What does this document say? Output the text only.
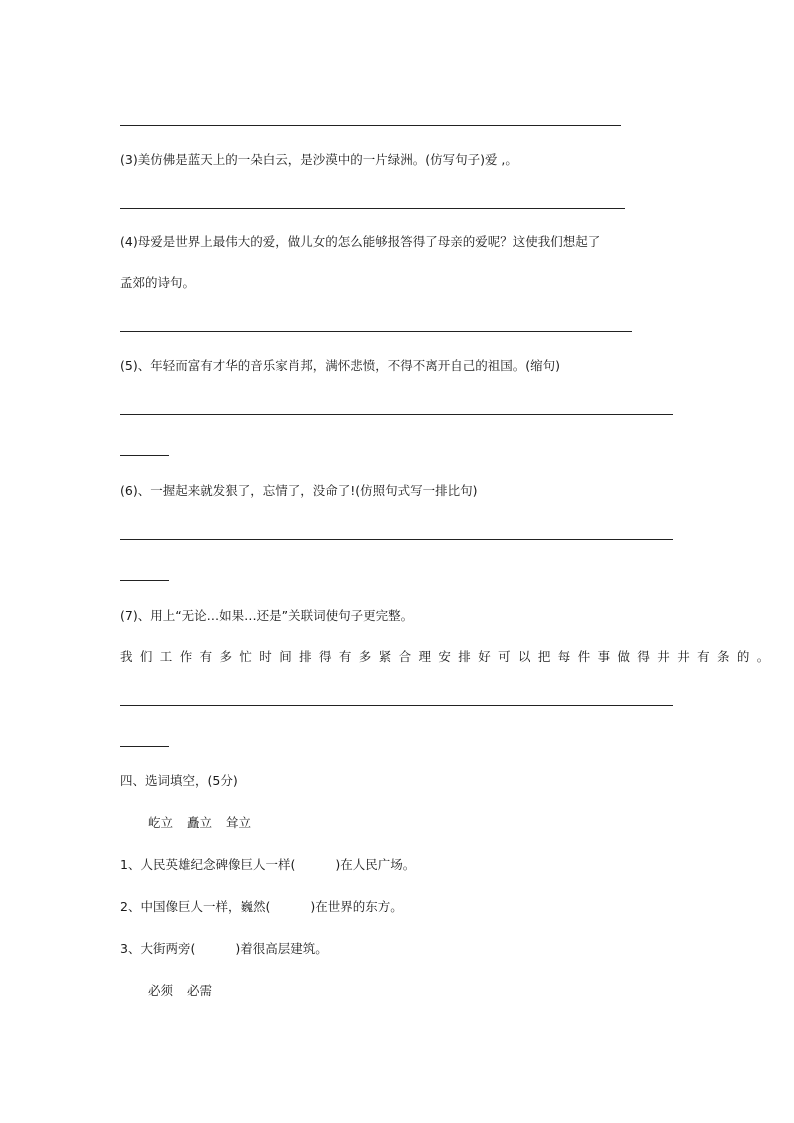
(3)美仿佛是蓝天上的一朵白云，是沙漠中的一片绿洲。(仿写句子)爱 ,。
(4)母爱是世界上最伟大的爱，做儿女的怎么能够报答得了母亲的爱呢？这使我们想起了
孟郊的诗句。
(5)、年轻而富有才华的音乐家肖邦，满怀悲愤，不得不离开自己的祖国。(缩句)
(6)、一握起来就发狠了，忘情了，没命了!(仿照句式写一排比句)
(7)、用上“无论…如果…还是”关联词使句子更完整。
我们工作有多忙时间排得有多紧合理安排好可以把每件事做得井井有条的。
四、选词填空，(5分)
屹立 矗立 耸立
1、人民英雄纪念碑像巨人一样(	)在人民广场。
2、中国像巨人一样，巍然(	)在世界的东方。
3、大街两旁(	)着很高层建筑。
必须 必需
